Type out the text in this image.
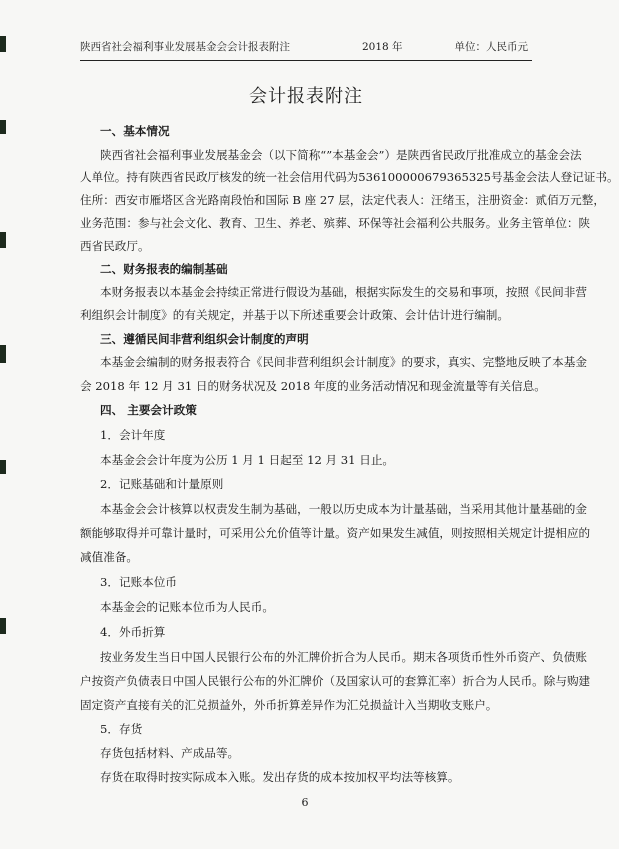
陕西省社会福利事业发展基金会会计报表附注	2018 年	单位：人民币元
会计报表附注
一、基本情况
陕西省社会福利事业发展基金会（以下简称“”本基金会”）是陕西省民政厅批准成立的基金会法
人单位。持有陕西省民政厅核发的统一社会信用代码为53610000067936532​5号基金会法人登记证书。
住所：西安市雁塔区含光路南段怡和国际 B 座 27 层，法定代表人：汪绪玉，注册资金：贰佰万元整，
业务范围：参与社会文化、教育、卫生、养老、殡葬、环保等社会福利公共服务。业务主管单位：陕
西省民政厅。
二、财务报表的编制基础
本财务报表以本基金会持续正常进行假设为基础，根据实际发生的交易和事项，按照《民间非营
利组织会计制度》的有关规定，并基于以下所述重要会计政策、会计估计进行编制。
三、遵循民间非营利组织会计制度的声明
本基金会编制的财务报表符合《民间非营利组织会计制度》的要求，真实、完整地反映了本基金
会 2018 年 12 月 31 日的财务状况及 2018 年度的业务活动情况和现金流量等有关信息。
四、 主要会计政策
1．会计年度
本基金会会计年度为公历 1 月 1 日起至 12 月 31 日止。
2．记账基础和计量原则
本基金会会计核算以权责发生制为基础，一般以历史成本为计量基础，当采用其他计量基础的金
额能够取得并可靠计量时，可采用公允价值等计量。资产如果发生减值，则按照相关规定计提相应的
减值准备。
3．记账本位币
本基金会的记账本位币为人民币。
4．外币折算
按业务发生当日中国人民银行公布的外汇牌价折合为人民币。期末各项货币性外币资产、负债账
户按资产负债表日中国人民银行公布的外汇牌价（及国家认可的套算汇率）折合为人民币。除与购建
固定资产直接有关的汇兑损益外，外币折算差异作为汇兑损益计入当期收支账户。
5．存货
存货包括材料、产成品等。
存货在取得时按实际成本入账。发出存货的成本按加权平均法等核算。
6
